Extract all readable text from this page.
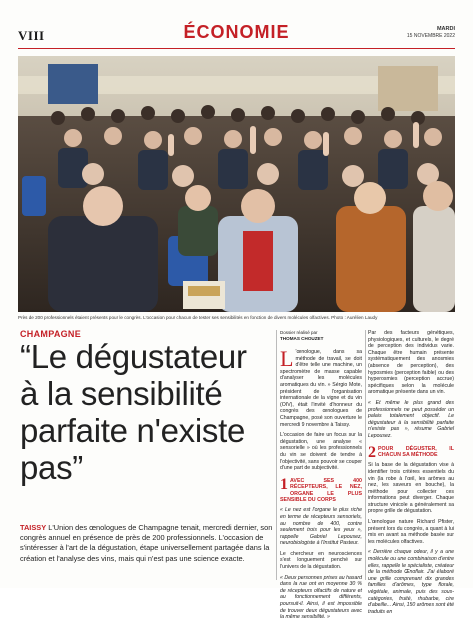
VIII	ÉCONOMIE	MARDI
15 NOVEMBRE 2022
Près de 200 professionnels étaient présents pour le congrès. L'occasion pour chacun de tester ses sensibilités en fonction de divers molécules olfactives. Photo : Aurélien Laudy
CHAMPAGNE
“Le dégustateur à la sensibilité parfaite n'existe pas”
TAISSY L'Union des œnologues de Champagne tenait, mercredi dernier, son congrès annuel en présence de près de 200 professionnels. L'occasion de s'intéresser à l'art de la dégustation, étape universellement partagée dans la création et l'analyse des vins, mais qui n'est pas une science exacte.
Dossier réalisé par
THOMAS CHOUZET

L 'œnologue, dans sa méthode de travail, se doit d'être telle une machine, un spectromètre de masse capable d'analyser les molécules aromatiques du vin. » Sérgio Mote, président de l'organisation internationale de la vigne et du vin (OIV), était l'invité d'honneur du congrès des œnologues de Champagne, posé son ouverture le mercredi 9 novembre à Taissy.

L'occasion de faire un focus sur la dégustation, une analyse « sensorielle » où les professionnels du vin se doivent de tendre à l'objectivité, sans pouvoir se couper d'une part de subjectivité.

1 AVEC SES 400 RÉCEPTEURS, LE NEZ, ORGANE LE PLUS SENSIBLE DU CORPS

« Le nez est l'organe le plus riche en terme de récepteurs sensoriels, au nombre de 400, contre seulement trois pour les yeux », rappelle Gabriel Lepousez, neurobiologiste à l'Institut Pasteur.

Le chercheur en neurosciences s'est longuement penché sur l'univers de la dégustation.

« Deux personnes prises au hasard dans la rue ont en moyenne 30 % de récepteurs olfactifs de nature et au fonctionnement différents, poursuit-il. Ainsi, il est impossible de trouver deux dégustateurs avec la même sensibilité. »

Par des facteurs génétiques, physiologiques, et culturels, le degré de perception des individus varie. Chaque être humain présente systématiquement des anosmies (absence de perception), des hyposmies (perception faible) ou des hyperosmies (perception accrue) spécifiques selon la molécule aromatique présente dans un vin.

« Et même le plus grand des professionnels ne peut posséder un palais totalement objectif. Le dégustateur à la sensibilité parfaite n'existe pas », résume Gabriel Lepousez.

2 POUR DÉGUSTER, IL CHACUN SA MÉTHODE

Si la base de la dégustation vise à identifier trois critères essentiels du vin (la robe à l'œil, les arômes au nez, les saveurs en bouche), la méthode pour collecter ces informations peut diverger. Chaque structure vinicole a généralement sa propre grille de dégustation.

L'œnologue nature Richard Pfister, présent lors du congrès, a quant à lui mis en avant sa méthode basée sur les molécules olfactives.

« Derrière chaque odeur, il y a une molécule ou une combinaison d'entre elles, rappelle le spécialiste, créateur de la méthode Œnoflair. J'ai élaboré une grille comprenant dix grandes familles d'arômes, type florale, végétale, animale, puis des sous-catégories, fruité, rhubarbe, cire d'abeille... Ainsi, 150 arômes sont été traduits en
